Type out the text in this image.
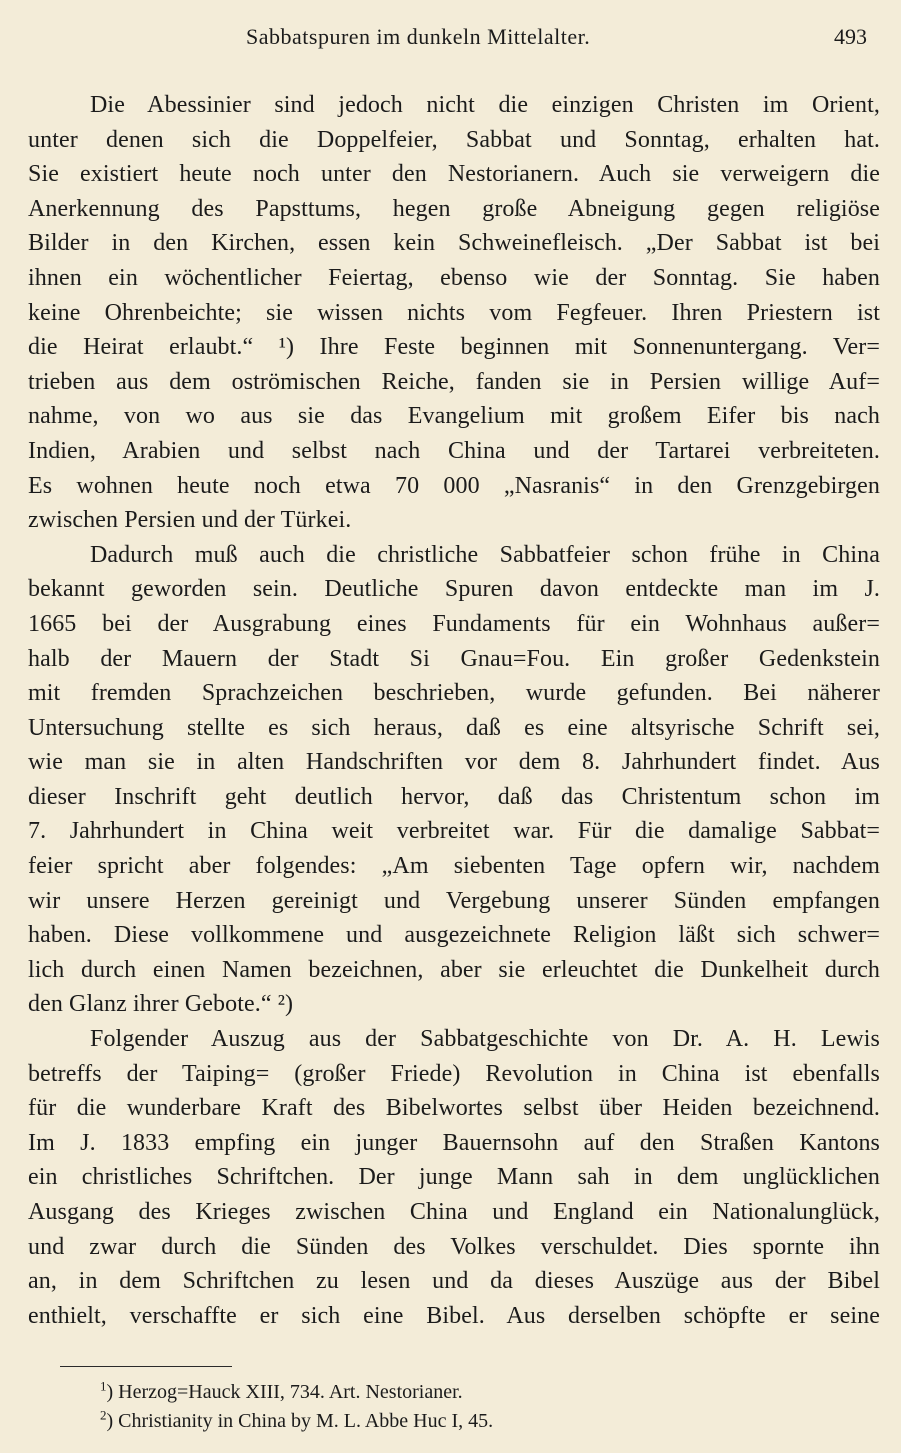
Sabbatspuren im dunkeln Mittelalter.	493
Die Abessinier sind jedoch nicht die einzigen Christen im Orient,
unter denen sich die Doppelfeier, Sabbat und Sonntag, erhalten hat.
Sie existiert heute noch unter den Nestorianern. Auch sie verweigern die
Anerkennung des Papsttums, hegen große Abneigung gegen religiöse
Bilder in den Kirchen, essen kein Schweinefleisch. „Der Sabbat ist bei
ihnen ein wöchentlicher Feiertag, ebenso wie der Sonntag. Sie haben
keine Ohrenbeichte; sie wissen nichts vom Fegfeuer. Ihren Priestern ist
die Heirat erlaubt.“ ¹) Ihre Feste beginnen mit Sonnenuntergang. Ver=
trieben aus dem oströmischen Reiche, fanden sie in Persien willige Auf=
nahme, von wo aus sie das Evangelium mit großem Eifer bis nach
Indien, Arabien und selbst nach China und der Tartarei verbreiteten.
Es wohnen heute noch etwa 70 000 „Nasranis“ in den Grenzgebirgen
zwischen Persien und der Türkei.
Dadurch muß auch die christliche Sabbatfeier schon frühe in China
bekannt geworden sein. Deutliche Spuren davon entdeckte man im J.
1665 bei der Ausgrabung eines Fundaments für ein Wohnhaus außer=
halb der Mauern der Stadt Si Gnau=Fou. Ein großer Gedenkstein
mit fremden Sprachzeichen beschrieben, wurde gefunden. Bei näherer
Untersuchung stellte es sich heraus, daß es eine altsyrische Schrift sei,
wie man sie in alten Handschriften vor dem 8. Jahrhundert findet. Aus
dieser Inschrift geht deutlich hervor, daß das Christentum schon im
7. Jahrhundert in China weit verbreitet war. Für die damalige Sabbat=
feier spricht aber folgendes: „Am siebenten Tage opfern wir, nachdem
wir unsere Herzen gereinigt und Vergebung unserer Sünden empfangen
haben. Diese vollkommene und ausgezeichnete Religion läßt sich schwer=
lich durch einen Namen bezeichnen, aber sie erleuchtet die Dunkelheit durch
den Glanz ihrer Gebote.“ ²)
Folgender Auszug aus der Sabbatgeschichte von Dr. A. H. Lewis
betreffs der Taiping= (großer Friede) Revolution in China ist ebenfalls
für die wunderbare Kraft des Bibelwortes selbst über Heiden bezeichnend.
Im J. 1833 empfing ein junger Bauernsohn auf den Straßen Kantons
ein christliches Schriftchen. Der junge Mann sah in dem unglücklichen
Ausgang des Krieges zwischen China und England ein Nationalunglück,
und zwar durch die Sünden des Volkes verschuldet. Dies spornte ihn
an, in dem Schriftchen zu lesen und da dieses Auszüge aus der Bibel
enthielt, verschaffte er sich eine Bibel. Aus derselben schöpfte er seine
$^1$) Herzog=Hauck XIII, 734. Art. Nestorianer.
$^2$) Christianity in China by M. L. Abbe Huc I, 45.
